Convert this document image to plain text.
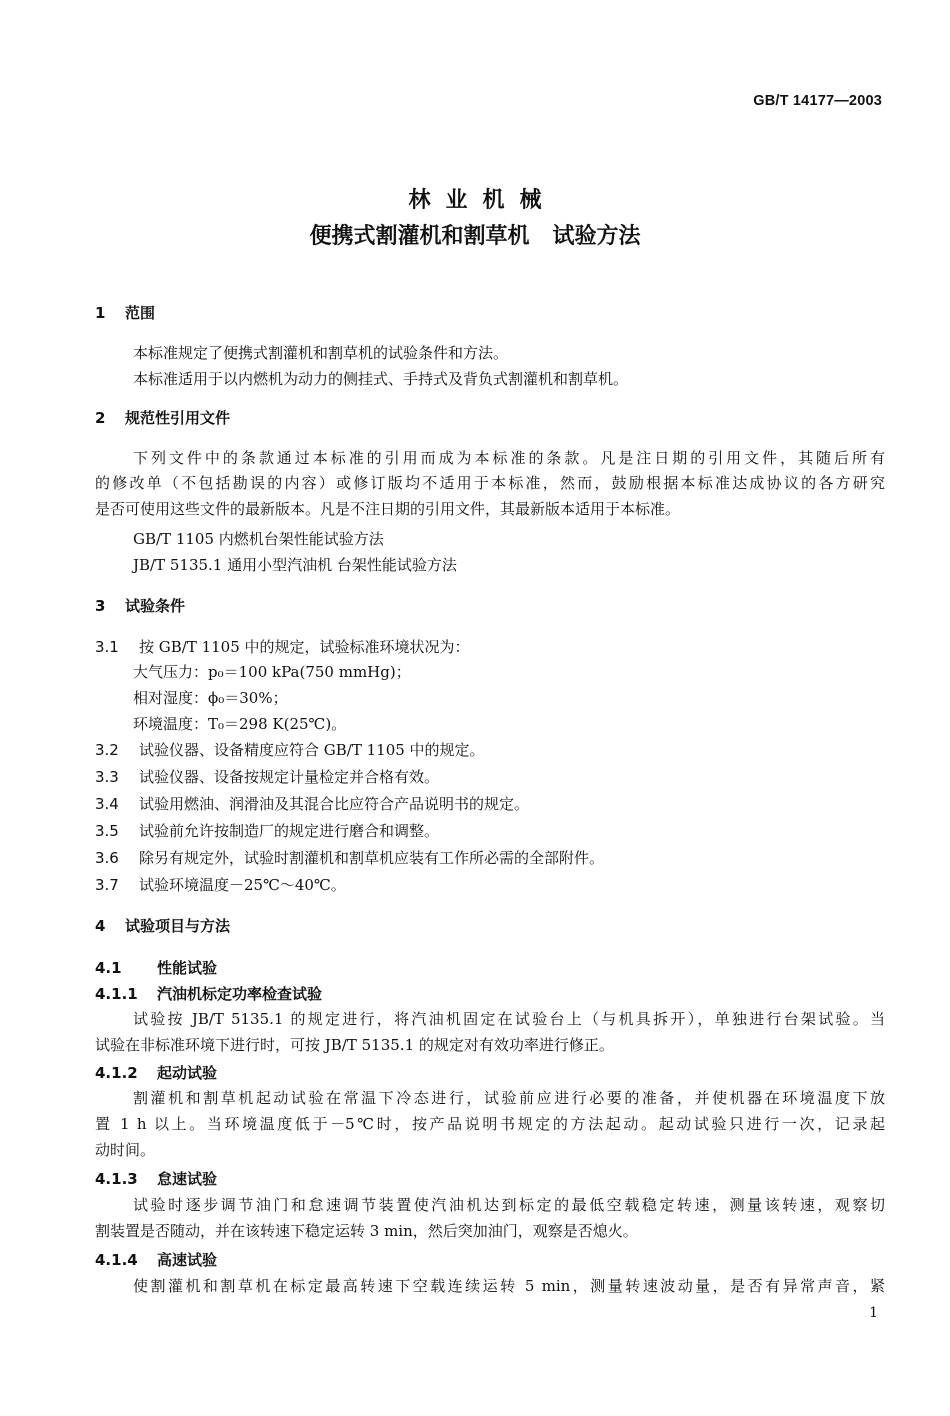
GB/T 14177—2003
林业机械
便携式割灌机和割草机   试验方法
1 范围
本标准规定了便携式割灌机和割草机的试验条件和方法。
本标准适用于以内燃机为动力的侧挂式、手持式及背负式割灌机和割草机。
2 规范性引用文件
下列文件中的条款通过本标准的引用而成为本标准的条款。凡是注日期的引用文件，其随后所有
的修改单（不包括勘误的内容）或修订版均不适用于本标准，然而，鼓励根据本标准达成协议的各方研究
是否可使用这些文件的最新版本。凡是不注日期的引用文件，其最新版本适用于本标准。
GB/T 1105 内燃机台架性能试验方法
JB/T 5135.1 通用小型汽油机 台架性能试验方法
3 试验条件
3.1 按 GB/T 1105 中的规定，试验标准环境状况为：
大气压力：p₀＝100 kPa(750 mmHg)；
相对湿度：ϕ₀＝30%；
环境温度：T₀＝298 K(25℃)。
3.2 试验仪器、设备精度应符合 GB/T 1105 中的规定。
3.3 试验仪器、设备按规定计量检定并合格有效。
3.4 试验用燃油、润滑油及其混合比应符合产品说明书的规定。
3.5 试验前允许按制造厂的规定进行磨合和调整。
3.6 除另有规定外，试验时割灌机和割草机应装有工作所必需的全部附件。
3.7 试验环境温度－25℃～40℃。
4 试验项目与方法
4.1 性能试验
4.1.1 汽油机标定功率检查试验
试验按 JB/T 5135.1 的规定进行，将汽油机固定在试验台上（与机具拆开），单独进行台架试验。当
试验在非标准环境下进行时，可按 JB/T 5135.1 的规定对有效功率进行修正。
4.1.2 起动试验
割灌机和割草机起动试验在常温下冷态进行，试验前应进行必要的准备，并使机器在环境温度下放
置 1 h 以上。当环境温度低于－5℃时，按产品说明书规定的方法起动。起动试验只进行一次，记录起
动时间。
4.1.3 怠速试验
试验时逐步调节油门和怠速调节装置使汽油机达到标定的最低空载稳定转速，测量该转速，观察切
割装置是否随动，并在该转速下稳定运转 3 min，然后突加油门，观察是否熄火。
4.1.4 高速试验
使割灌机和割草机在标定最高转速下空载连续运转 5 min，测量转速波动量，是否有异常声音，紧
1
